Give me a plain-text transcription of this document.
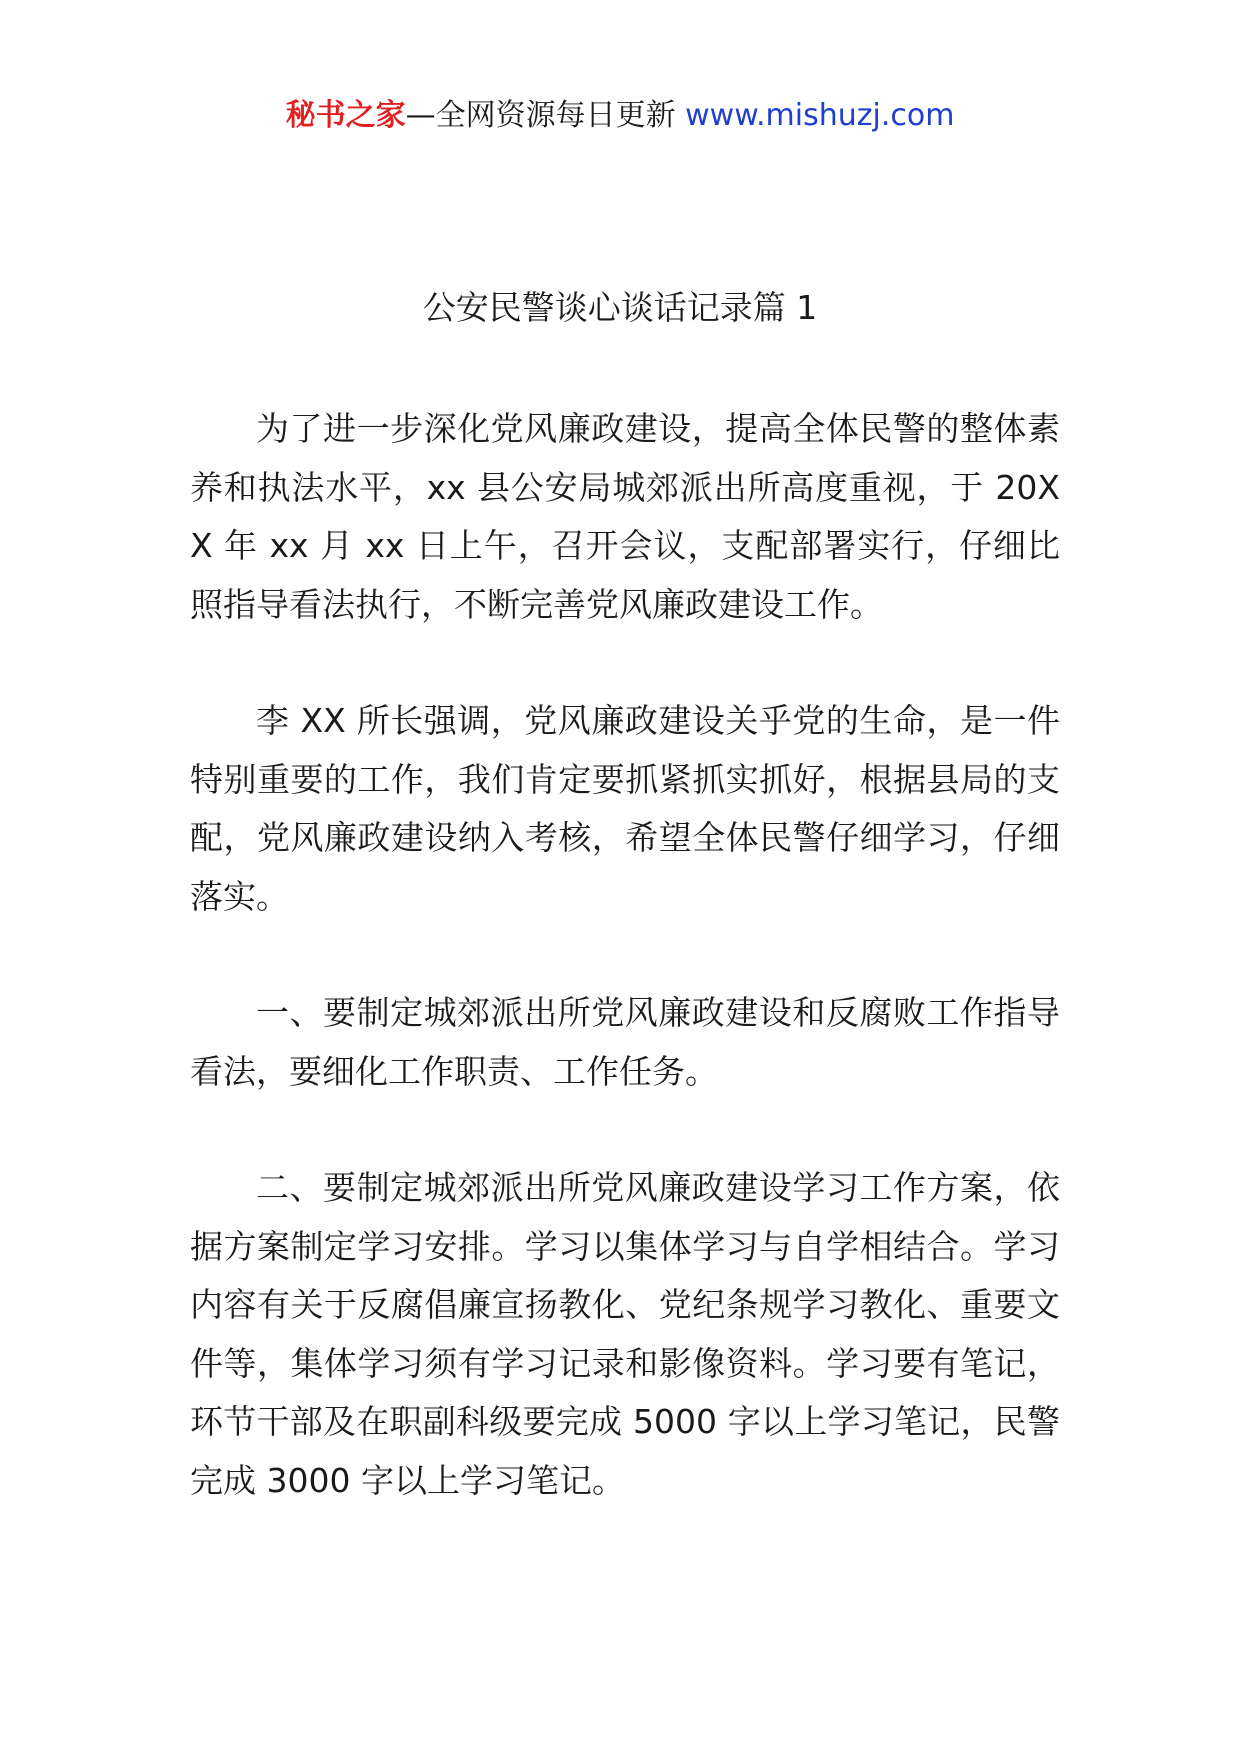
秘书之家—全网资源每日更新 www.mishuzj.com
公安民警谈心谈话记录篇 1

为了进一步深化党风廉政建设，提高全体民警的整体素养和执法水平，xx 县公安局城郊派出所高度重视，于 20XX 年 xx 月 xx 日上午，召开会议，支配部署实行，仔细比照指导看法执行，不断完善党风廉政建设工作。

李 XX 所长强调，党风廉政建设关乎党的生命，是一件特别重要的工作，我们肯定要抓紧抓实抓好，根据县局的支配，党风廉政建设纳入考核，希望全体民警仔细学习，仔细落实。

一、要制定城郊派出所党风廉政建设和反腐败工作指导看法，要细化工作职责、工作任务。

二、要制定城郊派出所党风廉政建设学习工作方案，依据方案制定学习安排。学习以集体学习与自学相结合。学习内容有关于反腐倡廉宣扬教化、党纪条规学习教化、重要文件等，集体学习须有学习记录和影像资料。学习要有笔记，环节干部及在职副科级要完成 5000 字以上学习笔记，民警完成 3000 字以上学习笔记。
